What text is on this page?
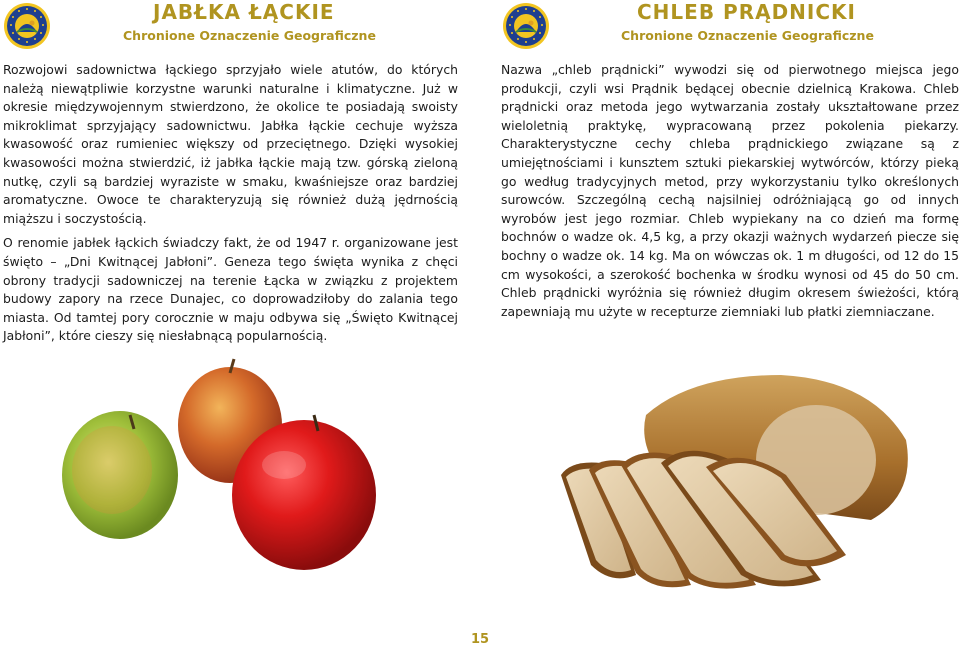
JABŁKA ŁĄCKIE
Chronione Oznaczenie Geograficzne

Rozwojowi sadownictwa łąckiego sprzyjało wiele atutów, do których należą niewątpliwie korzystne warunki naturalne i klimatyczne. Już w okresie międzywojennym stwierdzono, że okolice te posiadają swoisty mikroklimat sprzyjający sadownictwu. Jabłka łąckie cechuje wyższa kwasowość oraz rumieniec większy od przeciętnego. Dzięki wysokiej kwasowości można stwierdzić, iż jabłka łąckie mają tzw. górską zieloną nutkę, czyli są bardziej wyraziste w smaku, kwaśniejsze oraz bardziej aromatyczne. Owoce te charakteryzują się również dużą jędrnością miąższu i soczystością.

O renomie jabłek łąckich świadczy fakt, że od 1947 r. organizowane jest święto – „Dni Kwitnącej Jabłoni”. Geneza tego święta wynika z chęci obrony tradycji sadowniczej na terenie Łącka w związku z projektem budowy zapory na rzece Dunajec, co doprowadziłoby do zalania tego miasta. Od tamtej pory corocznie w maju odbywa się „Święto Kwitnącej Jabłoni”, które cieszy się niesłabnącą popularnością.

CHLEB PRĄDNICKI
Chronione Oznaczenie Geograficzne

Nazwa „chleb prądnicki” wywodzi się od pierwotnego miejsca jego produkcji, czyli wsi Prądnik będącej obecnie dzielnicą Krakowa. Chleb prądnicki oraz metoda jego wytwarzania zostały ukształtowane przez wieloletnią praktykę, wypracowaną przez pokolenia piekarzy. Charakterystyczne cechy chleba prądnickiego związane są z umiejętnościami i kunsztem sztuki piekarskiej wytwórców, którzy pieką go według tradycyjnych metod, przy wykorzystaniu tylko określonych surowców. Szczególną cechą najsilniej odróżniającą go od innych wyrobów jest jego rozmiar. Chleb wypiekany na co dzień ma formę bochnów o wadze ok. 4,5 kg, a przy okazji ważnych wydarzeń piecze się bochny o wadze ok. 14 kg. Ma on wówczas ok. 1 m długości, od 12 do 15 cm wysokości, a szerokość bochenka w środku wynosi od 45 do 50 cm. Chleb prądnicki wyróżnia się również długim okresem świeżości, którą zapewniają mu użyte w recepturze ziemniaki lub płatki ziemniaczane.

15
